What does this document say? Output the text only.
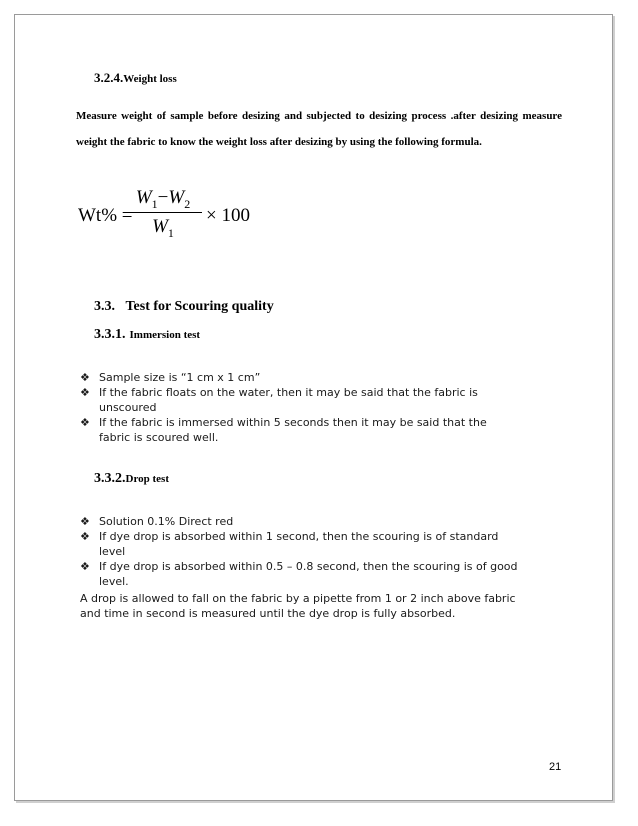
3.2.4.Weight loss
Measure weight of sample before desizing and subjected to desizing process .after desizing measure weight the fabric to know the weight loss after desizing by using the following formula.
Wt% =
$W_1-W_2$
$W_1$
× 100
3.3. Test for Scouring quality
3.3.1. Immersion test
❖ Sample size is “1 cm x 1 cm”
❖ If the fabric floats on the water, then it may be said that the fabric is unscoured
❖ If the fabric is immersed within 5 seconds then it may be said that the fabric is scoured well.
3.3.2.Drop test
❖ Solution 0.1% Direct red
❖ If dye drop is absorbed within 1 second, then the scouring is of standard level
❖ If dye drop is absorbed within 0.5 – 0.8 second, then the scouring is of good level.
A drop is allowed to fall on the fabric by a pipette from 1 or 2 inch above fabric and time in second is measured until the dye drop is fully absorbed.
21
